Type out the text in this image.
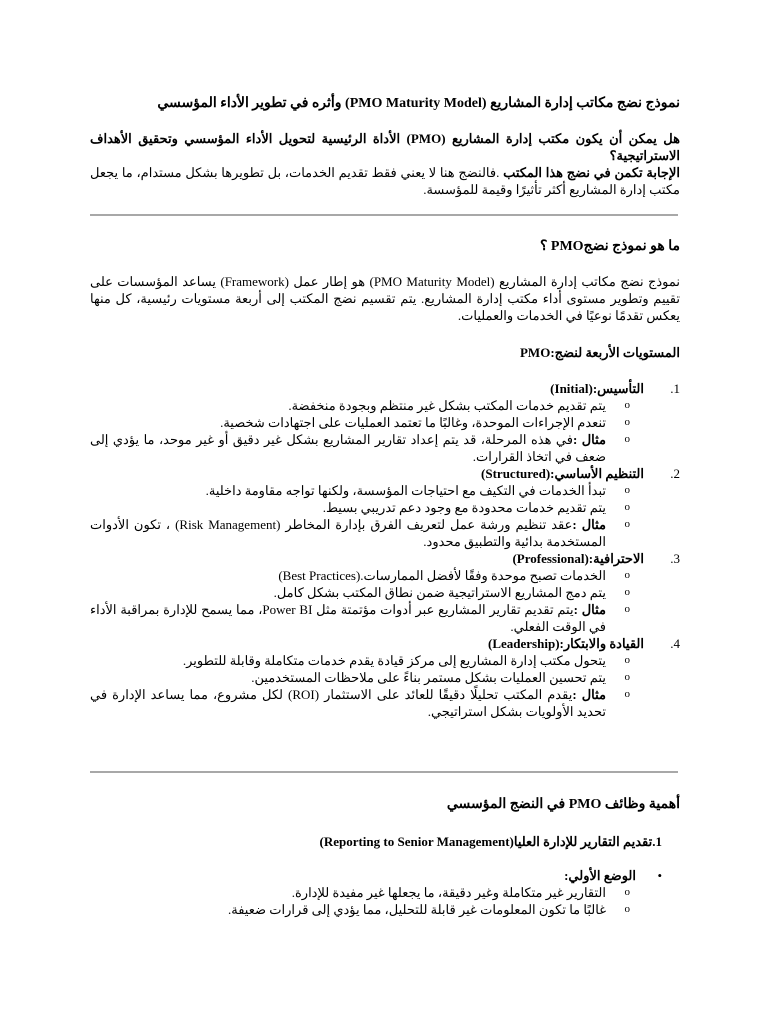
نموذج نضج مكاتب إدارة المشاريع (PMO Maturity Model) وأثره في تطوير الأداء المؤسسي

هل يمكن أن يكون مكتب إدارة المشاريع (PMO) الأداة الرئيسية لتحويل الأداء المؤسسي وتحقيق الأهداف الاستراتيجية؟

الإجابة تكمن في نضج هذا المكتب .فالنضج هنا لا يعني فقط تقديم الخدمات، بل تطويرها بشكل مستدام، ما يجعل مكتب إدارة المشاريع أكثر تأثيرًا وقيمة للمؤسسة.

ما هو نموذج نضجPMO ؟

نموذج نضج مكاتب إدارة المشاريع (PMO Maturity Model) هو إطار عمل (Framework) يساعد المؤسسات على تقييم وتطوير مستوى أداء مكتب إدارة المشاريع. يتم تقسيم نضج المكتب إلى أربعة مستويات رئيسية، كل منها يعكس تقدمًا نوعيًا في الخدمات والعمليات.

المستويات الأربعة لنضج:PMO
1.
التأسيس:(Initial)
o
يتم تقديم خدمات المكتب بشكل غير منتظم وبجودة منخفضة.
o
تنعدم الإجراءات الموحدة، وغالبًا ما تعتمد العمليات على اجتهادات شخصية.
o
مثال :في هذه المرحلة، قد يتم إعداد تقارير المشاريع بشكل غير دقيق أو غير موحد، ما يؤدي إلى ضعف في اتخاذ القرارات.
2.
التنظيم الأساسي:(Structured)
o
تبدأ الخدمات في التكيف مع احتياجات المؤسسة، ولكنها تواجه مقاومة داخلية.
o
يتم تقديم خدمات محدودة مع وجود دعم تدريبي بسيط.
o
مثال :عقد تنظيم ورشة عمل لتعريف الفرق بإدارة المخاطر (Risk Management) ، تكون الأدوات المستخدمة بدائية والتطبيق محدود.
3.
الاحترافية:(Professional)
o
الخدمات تصبح موحدة وفقًا لأفضل الممارسات.(Best Practices)
o
يتم دمج المشاريع الاستراتيجية ضمن نطاق المكتب بشكل كامل.
o
مثال :يتم تقديم تقارير المشاريع عبر أدوات مؤتمتة مثل Power BI، مما يسمح للإدارة بمراقبة الأداء في الوقت الفعلي.
4.
القيادة والابتكار:(Leadership)
o
يتحول مكتب إدارة المشاريع إلى مركز قيادة يقدم خدمات متكاملة وقابلة للتطوير.
o
يتم تحسين العمليات بشكل مستمر بناءً على ملاحظات المستخدمين.
o
مثال :يقدم المكتب تحليلًا دقيقًا للعائد على الاستثمار (ROI) لكل مشروع، مما يساعد الإدارة في تحديد الأولويات بشكل استراتيجي.
أهمية وظائف PMO في النضج المؤسسي
1.تقديم التقارير للإدارة العليا(Reporting to Senior Management)
•
الوضع الأولي:
o
التقارير غير متكاملة وغير دقيقة، ما يجعلها غير مفيدة للإدارة.
o
غالبًا ما تكون المعلومات غير قابلة للتحليل، مما يؤدي إلى قرارات ضعيفة.
